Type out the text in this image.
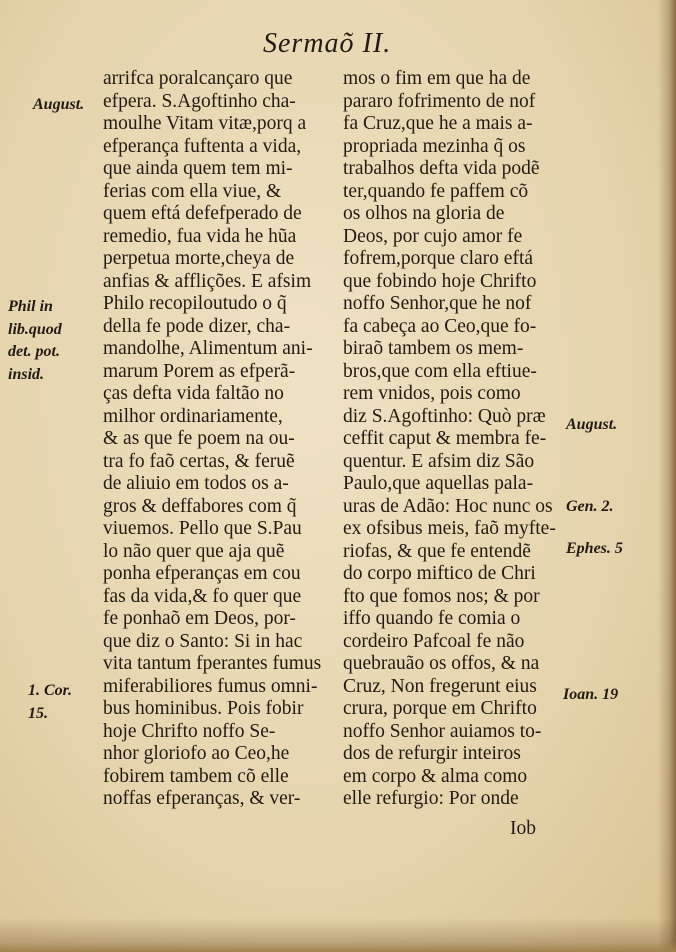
Sermaõ II.
arrifca poralcançaro que
efpera. S.Agoftinho cha-
moulhe Vitam vitæ,porq a
efperança fuftenta a vida,
que ainda quem tem mi-
ferias com ella viue, &
quem eftá defefperado de
remedio, fua vida he hũa
perpetua morte,cheya de
anfias & afflições. E afsim
Philo recopiloutudo o q̃
della fe pode dizer, cha-
mandolhe, Alimentum ani-
marum Porem as efperã-
ças defta vida faltão no
milhor ordinariamente,
& as que fe poem na ou-
tra fo faõ certas, & feruẽ
de aliuio em todos os a-
gros & deffabores com q̃
viuemos. Pello que S.Pau
lo não quer que aja quẽ
ponha efperanças em cou
fas da vida,& fo quer que
fe ponhaõ em Deos, por-
que diz o Santo: Si in hac
vita tantum fperantes fumus
miferabiliores fumus omni-
bus hominibus. Pois fobir
hoje Chrifto noffo Se-
nhor gloriofo ao Ceo,he
fobirem tambem cõ elle
noffas efperanças, & ver-
mos o fim em que ha de
pararo fofrimento de nof
fa Cruz,que he a mais a-
propriada mezinha q̃ os
trabalhos defta vida podẽ
ter,quando fe paffem cõ
os olhos na gloria de
Deos, por cujo amor fe
fofrem,porque claro eftá
que fobindo hoje Chrifto
noffo Senhor,que he nof
fa cabeça ao Ceo,que fo-
biraõ tambem os mem-
bros,que com ella eftiue-
rem vnidos, pois como
diz S.Agoftinho: Quò præ
ceffit caput & membra fe-
quentur. E afsim diz São
Paulo,que aquellas pala-
uras de Adão: Hoc nunc os
ex ofsibus meis, faõ myfte-
riofas, & que fe entendẽ
do corpo miftico de Chri
fto que fomos nos; & por
iffo quando fe comia o
cordeiro Pafcoal fe não
quebrauão os offos, & na
Cruz, Non fregerunt eius
crura, porque em Chrifto
noffo Senhor auiamos to-
dos de refurgir inteiros
em corpo & alma como
elle refurgio: Por onde
Iob
August.
Phil in
lib.quod
det. pot.
insid.
1. Cor.
15.
August.
Gen. 2.
Ephes. 5
Ioan. 19
